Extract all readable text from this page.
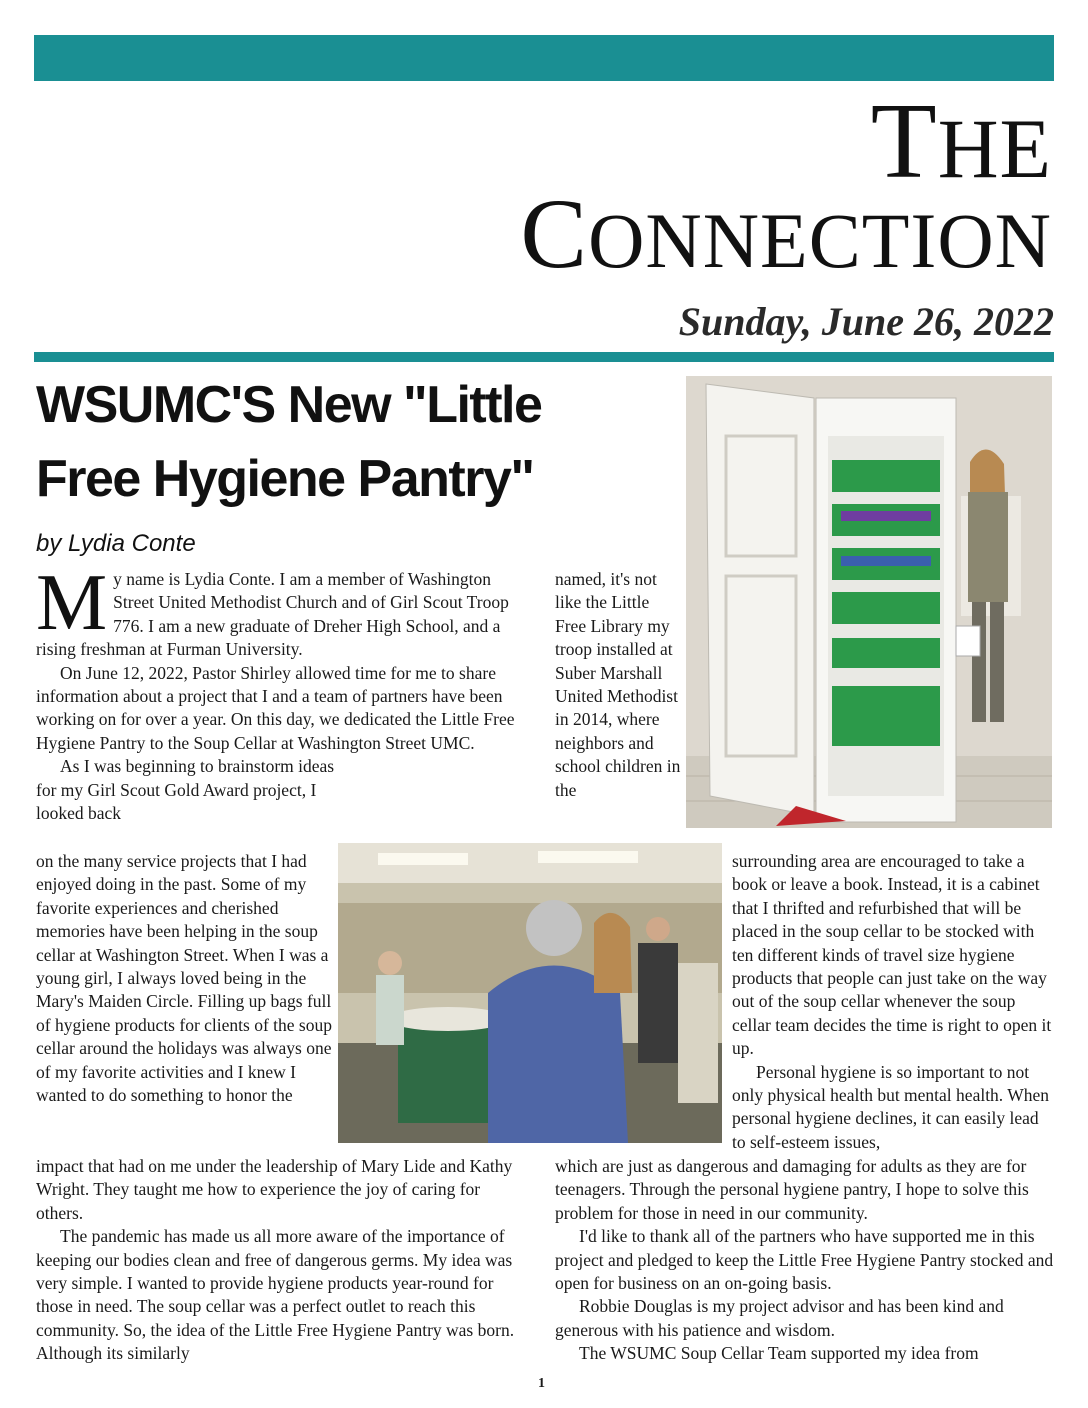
THE
CONNECTION
Sunday, June 26, 2022
WSUMC'S New "Little Free Hygiene Pantry"
by Lydia Conte

My name is Lydia Conte. I am a member of Washington Street United Methodist Church and of Girl Scout Troop 776. I am a new graduate of Dreher High School, and a rising freshman at Furman University.

On June 12, 2022, Pastor Shirley allowed time for me to share information about a project that I and a team of partners have been working on for over a year. On this day, we dedicated the Little Free Hygiene Pantry to the Soup Cellar at Washington Street UMC.

As I was beginning to brainstorm ideas for my Girl Scout Gold Award project, I looked back

on the many service projects that I had enjoyed doing in the past. Some of my favorite experiences and cherished memories have been helping in the soup cellar at Washington Street. When I was a young girl, I always loved being in the Mary's Maiden Circle. Filling up bags full of hygiene products for clients of the soup cellar around the holidays was always one of my favorite activities and I knew I wanted to do something to honor the
named, it's not like the Little Free Library my troop installed at Suber Marshall United Methodist in 2014, where neighbors and school children in the

surrounding area are encouraged to take a book or leave a book. Instead, it is a cabinet that I thrifted and refurbished that will be placed in the soup cellar to be stocked with ten different kinds of travel size hygiene products that people can just take on the way out of the soup cellar whenever the soup cellar team decides the time is right to open it up.

Personal hygiene is so important to not only physical health but mental health. When personal hygiene declines, it can easily lead to self-esteem issues,

impact that had on me under the leadership of Mary Lide and Kathy Wright. They taught me how to experience the joy of caring for others.

The pandemic has made us all more aware of the importance of keeping our bodies clean and free of dangerous germs. My idea was very simple. I wanted to provide hygiene products year-round for those in need. The soup cellar was a perfect outlet to reach this community. So, the idea of the Little Free Hygiene Pantry was born. Although its similarly

which are just as dangerous and damaging for adults as they are for teenagers. Through the personal hygiene pantry, I hope to solve this problem for those in need in our community.

I'd like to thank all of the partners who have supported me in this project and pledged to keep the Little Free Hygiene Pantry stocked and open for business on an on-going basis.

Robbie Douglas is my project advisor and has been kind and generous with his patience and wisdom.

The WSUMC Soup Cellar Team supported my idea from

1
